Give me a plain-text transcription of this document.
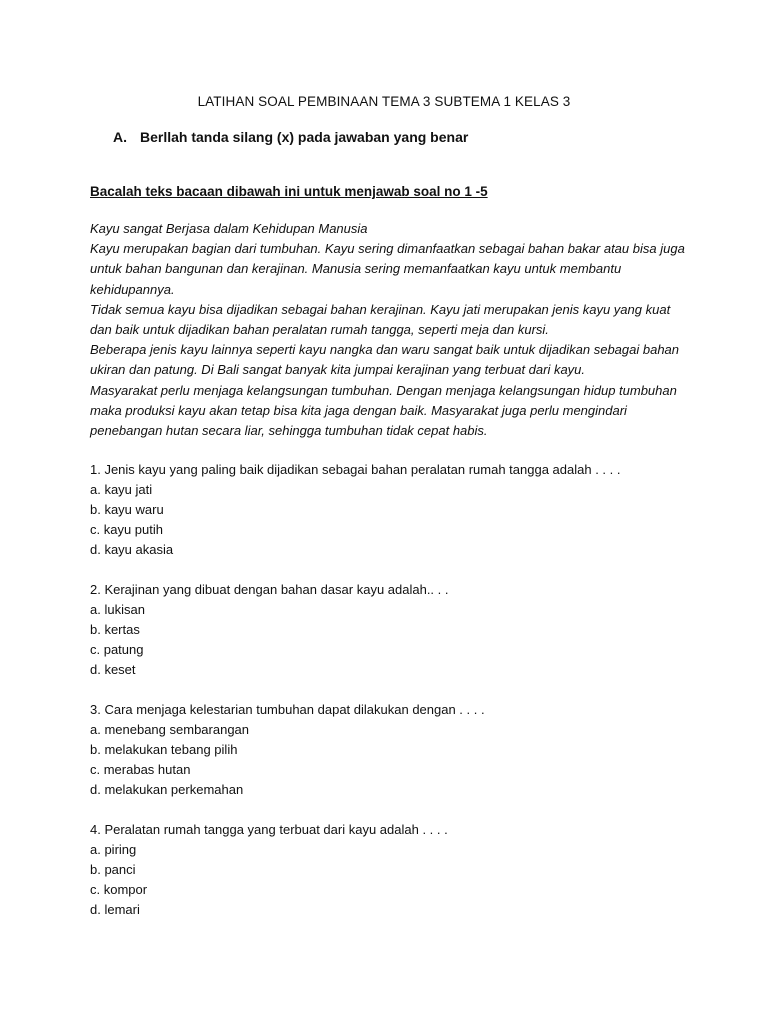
LATIHAN SOAL PEMBINAAN TEMA 3 SUBTEMA 1 KELAS 3
A. Berllah tanda silang (x) pada jawaban yang benar
Bacalah teks bacaan dibawah ini untuk menjawab soal no 1 -5

Kayu sangat Berjasa dalam Kehidupan Manusia

Kayu merupakan bagian dari tumbuhan. Kayu sering dimanfaatkan sebagai bahan bakar atau bisa juga untuk bahan bangunan dan kerajinan. Manusia sering memanfaatkan kayu untuk membantu kehidupannya.

Tidak semua kayu bisa dijadikan sebagai bahan kerajinan. Kayu jati merupakan jenis kayu yang kuat dan baik untuk dijadikan bahan peralatan rumah tangga, seperti meja dan kursi.

Beberapa jenis kayu lainnya seperti kayu nangka dan waru sangat baik untuk dijadikan sebagai bahan ukiran dan patung. Di Bali sangat banyak kita jumpai kerajinan yang terbuat dari kayu.

Masyarakat perlu menjaga kelangsungan tumbuhan. Dengan menjaga kelangsungan hidup tumbuhan maka produksi kayu akan tetap bisa kita jaga dengan baik. Masyarakat juga perlu mengindari penebangan hutan secara liar, sehingga tumbuhan tidak cepat habis.

1. Jenis kayu yang paling baik dijadikan sebagai bahan peralatan rumah tangga adalah . . . .
a. kayu jati
b. kayu waru
c. kayu putih
d. kayu akasia
2. Kerajinan yang dibuat dengan bahan dasar kayu adalah.. . .
a. lukisan
b. kertas
c. patung
d. keset
3. Cara menjaga kelestarian tumbuhan dapat dilakukan dengan . . . .
a. menebang sembarangan
b. melakukan tebang pilih
c. merabas hutan
d. melakukan perkemahan
4. Peralatan rumah tangga yang terbuat dari kayu adalah . . . .
a. piring
b. panci
c. kompor
d. lemari
